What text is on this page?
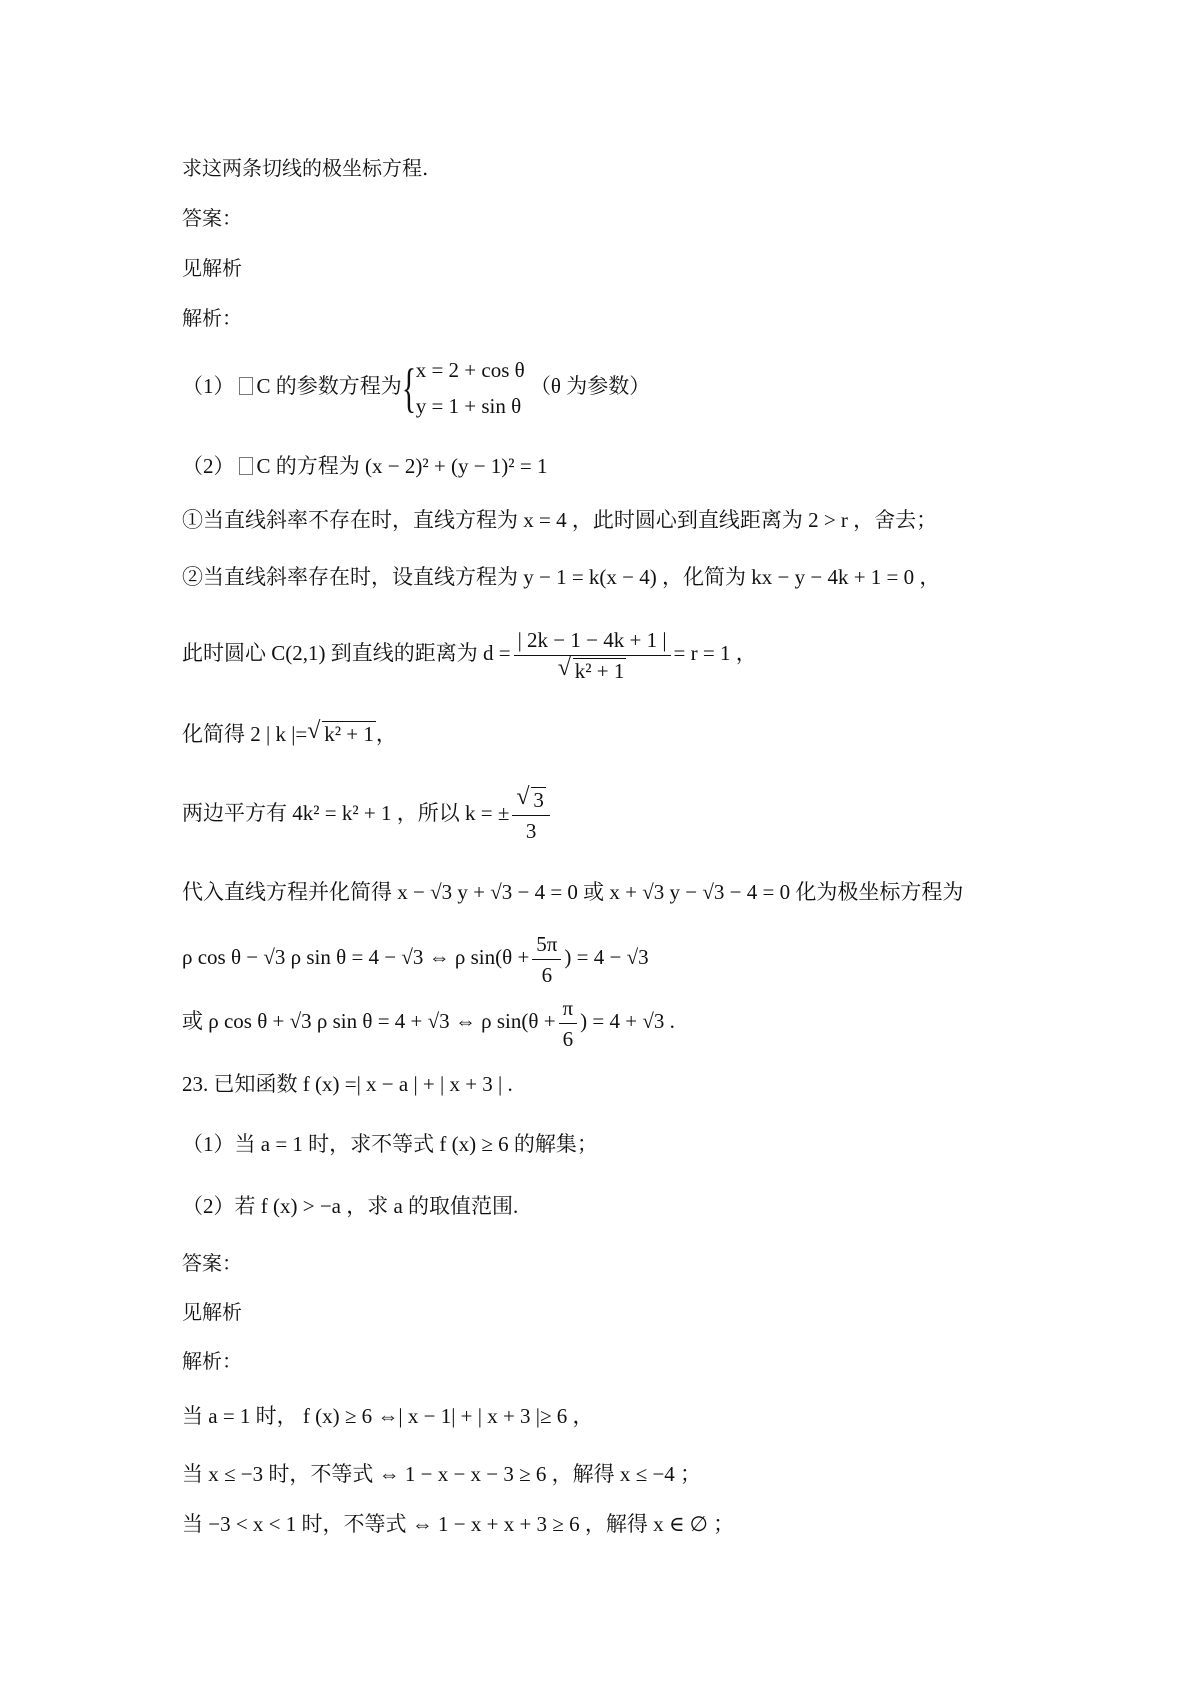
求这两条切线的极坐标方程.
答案：
见解析
解析：
（1） C 的参数方程为{ x = 2 + cos θ
y = 1 + sin θ
（θ 为参数）
（2） C 的方程为 (x − 2)² + (y − 1)² = 1
①当直线斜率不存在时，直线方程为 x = 4 ，此时圆心到直线距离为 2 > r ，舍去；
②当直线斜率存在时，设直线方程为 y − 1 = k(x − 4) ，化简为 kx − y − 4k + 1 = 0 ，
此时圆心 C(2,1) 到直线的距离为 d = | 2k − 1 − 4k + 1 |
√ k² + 1 = r = 1 ，
化简得 2 | k |= √ k² + 1，
两边平方有 4k² = k² + 1 ，所以 k = ± √ $\frac{3}{3}$
代入直线方程并化简得 x − √3 y + √3 − 4 = 0 或 x + √3 y − √3 − 4 = 0 化为极坐标方程为
ρ cos θ − √3 ρ sin θ = 4 − √3 ⇔ ρ $\sin(\theta + \frac{5\pi}{6}$ ) = 4 − √3
或 ρ cos θ + √3 ρ sin θ = 4 + √3 ⇔ ρ $\sin(\theta + \frac{\pi}{6}$ ) = 4 + √3 .
23. 已知函数 f (x) =| x − a | + | x + 3 | .
（1）当 a = 1 时，求不等式 f (x) ≥ 6 的解集；
（2）若 f (x) > −a ，求 a 的取值范围.
答案：
见解析
解析：
当 a = 1 时， f (x) ≥ 6 ⇔| x − 1| + | x + 3 |≥ 6 ，
当 x ≤ −3 时，不等式 ⇔ 1 − x − x − 3 ≥ 6 ，解得 x ≤ −4 ；
当 −3 < x < 1 时，不等式 ⇔ 1 − x + x + 3 ≥ 6 ，解得 x ∈ ∅ ；
